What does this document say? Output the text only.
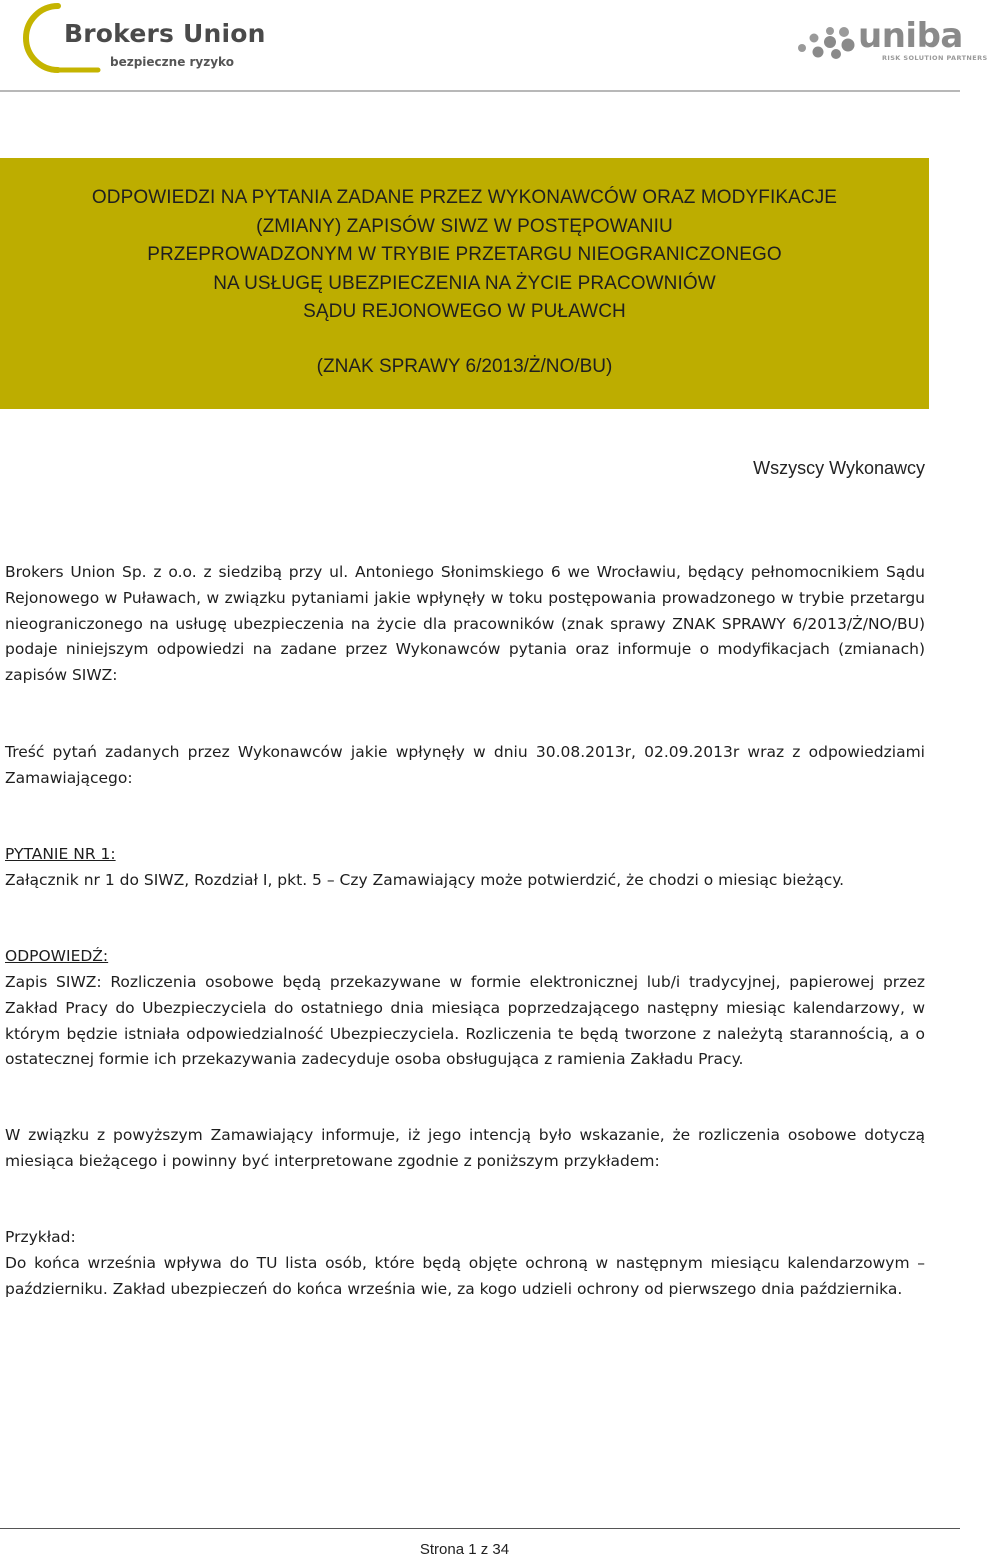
Brokers Union
bezpieczne ryzyko
uniba
RISK SOLUTION PARTNERS
ODPOWIEDZI NA PYTANIA ZADANE PRZEZ WYKONAWCÓW ORAZ MODYFIKACJE
(ZMIANY) ZAPISÓW SIWZ W POSTĘPOWANIU
PRZEPROWADZONYM W TRYBIE PRZETARGU NIEOGRANICZONEGO
NA USŁUGĘ UBEZPIECZENIA NA ŻYCIE PRACOWNIÓW
SĄDU REJONOWEGO W PUŁAWCH
(ZNAK SPRAWY 6/2013/Ż/NO/BU)
Wszyscy Wykonawcy
Brokers Union Sp. z o.o. z siedzibą przy ul. Antoniego Słonimskiego 6 we Wrocławiu, będący pełnomocnikiem Sądu Rejonowego w Puławach, w związku pytaniami jakie wpłynęły w toku postępowania prowadzonego w trybie przetargu nieograniczonego na usługę ubezpieczenia na życie dla pracowników (znak sprawy ZNAK SPRAWY 6/2013/Ż/NO/BU) podaje niniejszym odpowiedzi na zadane przez Wykonawców pytania oraz informuje o modyfikacjach (zmianach) zapisów SIWZ:
Treść pytań zadanych przez Wykonawców jakie wpłynęły w dniu 30.08.2013r, 02.09.2013r wraz z odpowiedziami Zamawiającego:
PYTANIE NR 1:
Załącznik nr 1 do SIWZ, Rozdział I, pkt. 5 – Czy Zamawiający może potwierdzić, że chodzi o miesiąc bieżący.
ODPOWIEDŹ:
Zapis SIWZ: Rozliczenia osobowe będą przekazywane w formie elektronicznej lub/i tradycyjnej, papierowej przez Zakład Pracy do Ubezpieczyciela do ostatniego dnia miesiąca poprzedzającego następny miesiąc kalendarzowy, w którym będzie istniała odpowiedzialność Ubezpieczyciela. Rozliczenia te będą tworzone z należytą starannością, a o ostatecznej formie ich przekazywania zadecyduje osoba obsługująca z ramienia Zakładu Pracy.
W związku z powyższym Zamawiający informuje, iż jego intencją było wskazanie, że rozliczenia osobowe dotyczą miesiąca bieżącego i powinny być interpretowane zgodnie z poniższym przykładem:
Przykład:
Do końca września wpływa do TU lista osób, które będą objęte ochroną w następnym miesiącu kalendarzowym – październiku. Zakład ubezpieczeń do końca września wie, za kogo udzieli ochrony od pierwszego dnia października.
Strona 1 z 34
